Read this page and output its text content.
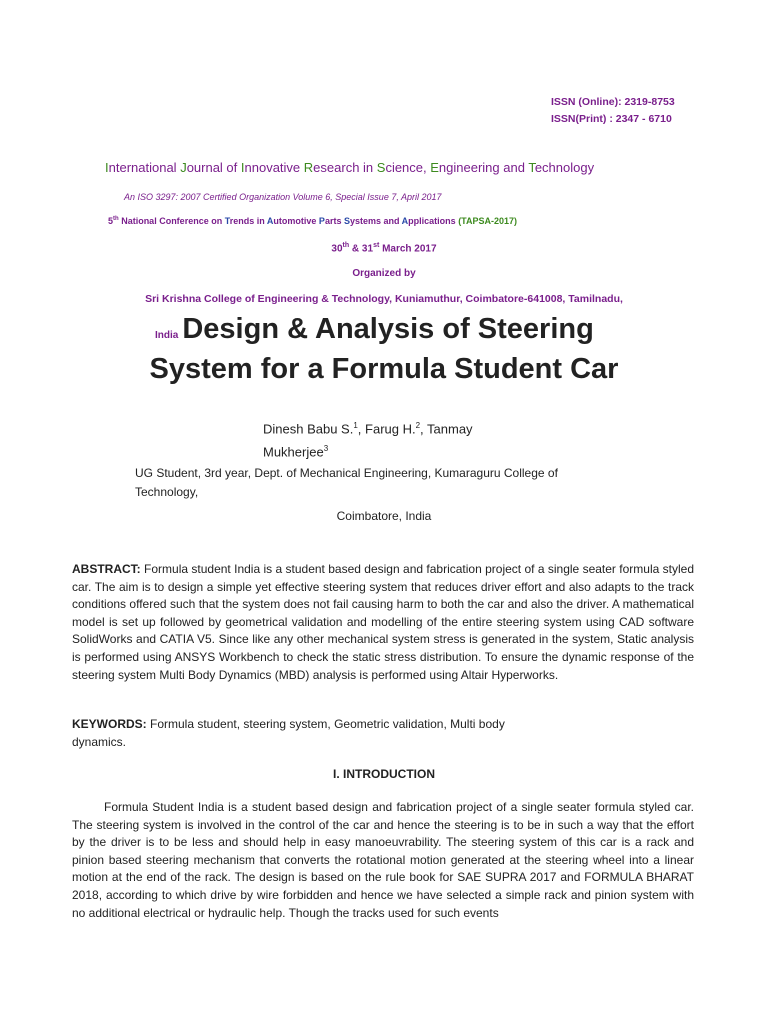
ISSN (Online): 2319-8753
ISSN(Print) : 2347 - 6710
International Journal of Innovative Research in Science, Engineering and Technology
An ISO 3297: 2007 Certified Organization Volume 6, Special Issue 7, April 2017
5th National Conference on Trends in Automotive Parts Systems and Applications (TAPSA-2017)
30th & 31st March 2017
Organized by
Sri Krishna College of Engineering & Technology, Kuniamuthur, Coimbatore-641008, Tamilnadu,
India Design & Analysis of Steering
System for a Formula Student Car
Dinesh Babu S.$^1$, Farug H.$^2$, Tanmay
Mukherjee$^3$
UG Student, 3rd year, Dept. of Mechanical Engineering, Kumaraguru College of Technology,
Coimbatore, India
ABSTRACT: Formula student India is a student based design and fabrication project of a single seater formula styled car. The aim is to design a simple yet effective steering system that reduces driver effort and also adapts to the track conditions offered such that the system does not fail causing harm to both the car and also the driver. A mathematical model is set up followed by geometrical validation and modelling of the entire steering system using CAD software SolidWorks and CATIA V5. Since like any other mechanical system stress is generated in the system, Static analysis is performed using ANSYS Workbench to check the static stress distribution. To ensure the dynamic response of the steering system Multi Body Dynamics (MBD) analysis is performed using Altair Hyperworks.
KEYWORDS: Formula student, steering system, Geometric validation, Multi body dynamics.
I. INTRODUCTION
Formula Student India is a student based design and fabrication project of a single seater formula styled car. The steering system is involved in the control of the car and hence the steering is to be in such a way that the effort by the driver is to be less and should help in easy manoeuvrability. The steering system of this car is a rack and pinion based steering mechanism that converts the rotational motion generated at the steering wheel into a linear motion at the end of the rack. The design is based on the rule book for SAE SUPRA 2017 and FORMULA BHARAT 2018, according to which drive by wire forbidden and hence we have selected a simple rack and pinion system with no additional electrical or hydraulic help. Though the tracks used for such events
